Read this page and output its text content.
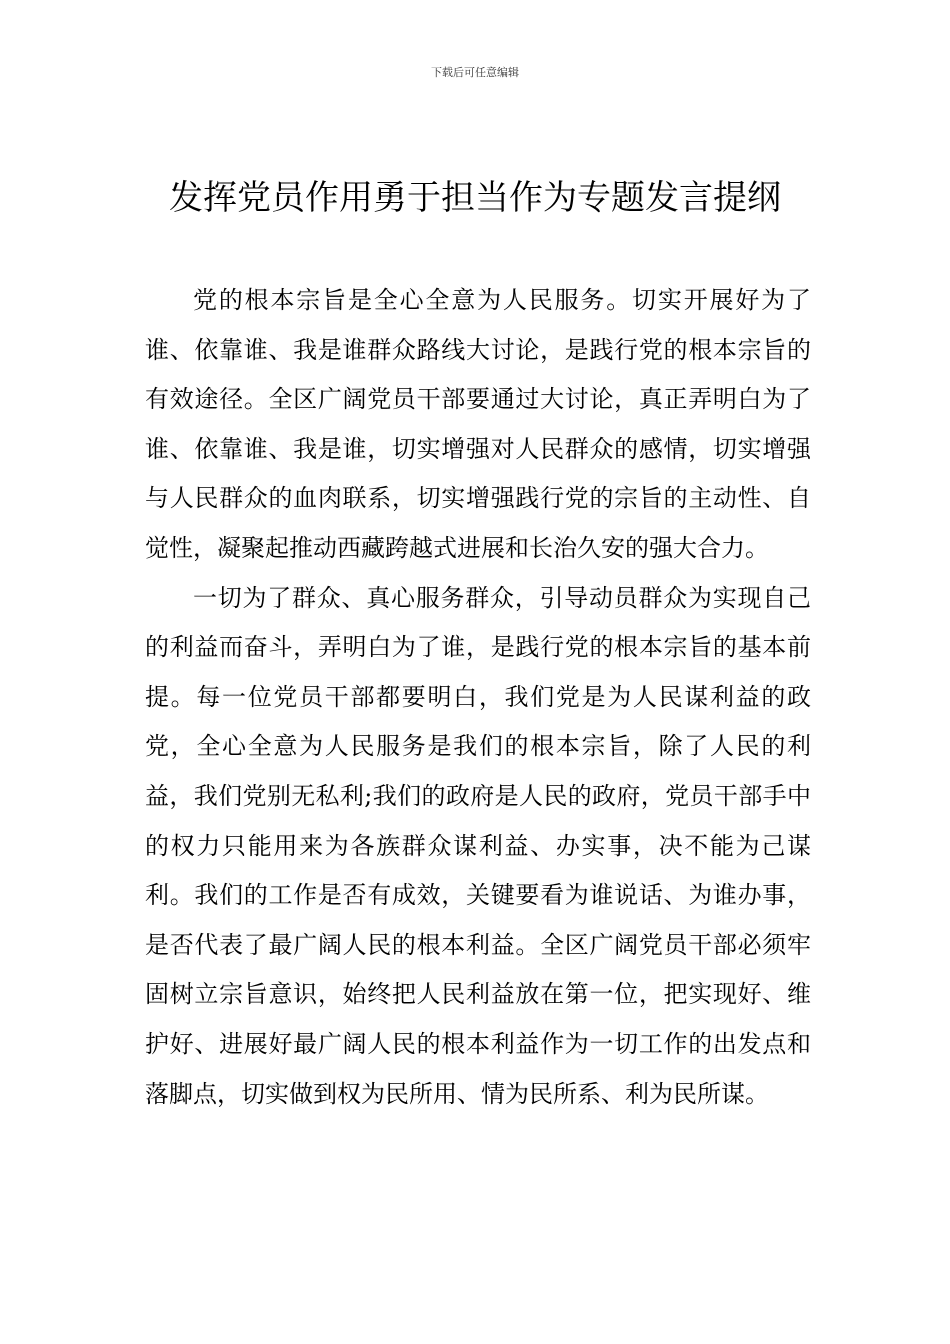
下载后可任意编辑
发挥党员作用勇于担当作为专题发言提纲

党的根本宗旨是全心全意为人民服务。切实开展好为了谁、依靠谁、我是谁群众路线大讨论，是践行党的根本宗旨的有效途径。全区广阔党员干部要通过大讨论，真正弄明白为了谁、依靠谁、我是谁，切实增强对人民群众的感情，切实增强与人民群众的血肉联系，切实增强践行党的宗旨的主动性、自觉性，凝聚起推动西藏跨越式进展和长治久安的强大合力。

一切为了群众、真心服务群众，引导动员群众为实现自己的利益而奋斗，弄明白为了谁，是践行党的根本宗旨的基本前提。每一位党员干部都要明白，我们党是为人民谋利益的政党，全心全意为人民服务是我们的根本宗旨，除了人民的利益，我们党别无私利;我们的政府是人民的政府，党员干部手中的权力只能用来为各族群众谋利益、办实事，决不能为己谋利。我们的工作是否有成效，关键要看为谁说话、为谁办事，是否代表了最广阔人民的根本利益。全区广阔党员干部必须牢固树立宗旨意识，始终把人民利益放在第一位，把实现好、维护好、进展好最广阔人民的根本利益作为一切工作的出发点和落脚点，切实做到权为民所用、情为民所系、利为民所谋。
